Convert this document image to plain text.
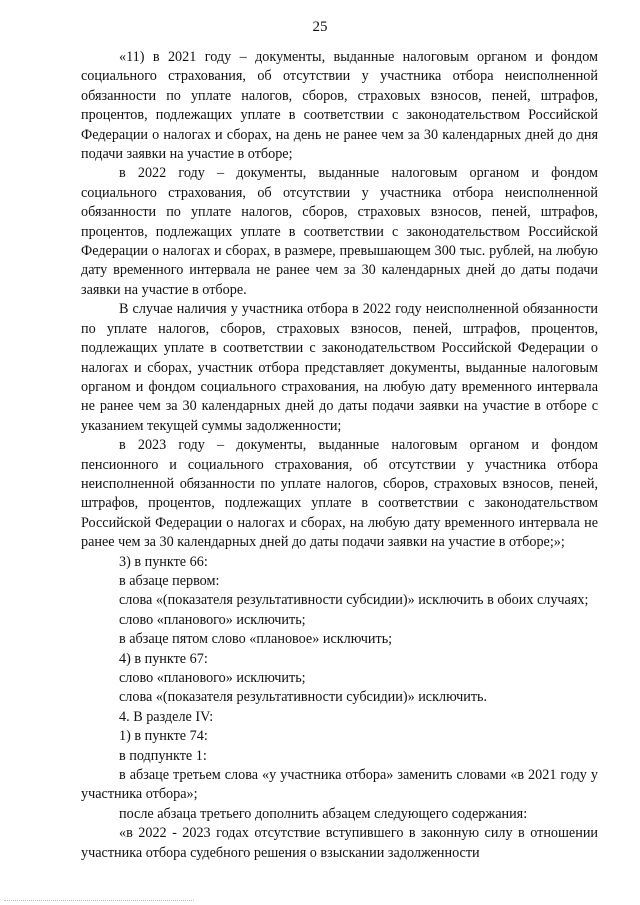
25

«11) в 2021 году – документы, выданные налоговым органом и фондом социального страхования, об отсутствии у участника отбора неисполненной обязанности по уплате налогов, сборов, страховых взносов, пеней, штрафов, процентов, подлежащих уплате в соответствии с законодательством Российской Федерации о налогах и сборах, на день не ранее чем за 30 календарных дней до дня подачи заявки на участие в отборе;

в 2022 году – документы, выданные налоговым органом и фондом социального страхования, об отсутствии у участника отбора неисполненной обязанности по уплате налогов, сборов, страховых взносов, пеней, штрафов, процентов, подлежащих уплате в соответствии с законодательством Российской Федерации о налогах и сборах, в размере, превышающем 300 тыс. рублей, на любую дату временного интервала не ранее чем за 30 календарных дней до даты подачи заявки на участие в отборе.

В случае наличия у участника отбора в 2022 году неисполненной обязанности по уплате налогов, сборов, страховых взносов, пеней, штрафов, процентов, подлежащих уплате в соответствии с законодательством Российской Федерации о налогах и сборах, участник отбора представляет документы, выданные налоговым органом и фондом социального страхования, на любую дату временного интервала не ранее чем за 30 календарных дней до даты подачи заявки на участие в отборе с указанием текущей суммы задолженности;

в 2023 году – документы, выданные налоговым органом и фондом пенсионного и социального страхования, об отсутствии у участника отбора неисполненной обязанности по уплате налогов, сборов, страховых взносов, пеней, штрафов, процентов, подлежащих уплате в соответствии с законодательством Российской Федерации о налогах и сборах, на любую дату временного интервала не ранее чем за 30 календарных дней до даты подачи заявки на участие в отборе;»;

3) в пункте 66:

в абзаце первом:

слова «(показателя результативности субсидии)» исключить в обоих случаях;

слово «планового» исключить;

в абзаце пятом слово «плановое» исключить;

4) в пункте 67:

слово «планового» исключить;

слова «(показателя результативности субсидии)» исключить.

4. В разделе IV:

1) в пункте 74:

в подпункте 1:

в абзаце третьем слова «у участника отбора» заменить словами «в 2021 году у участника отбора»;

после абзаца третьего дополнить абзацем следующего содержания:

«в 2022 - 2023 годах отсутствие вступившего в законную силу в отношении участника отбора судебного решения о взыскании задолженности
